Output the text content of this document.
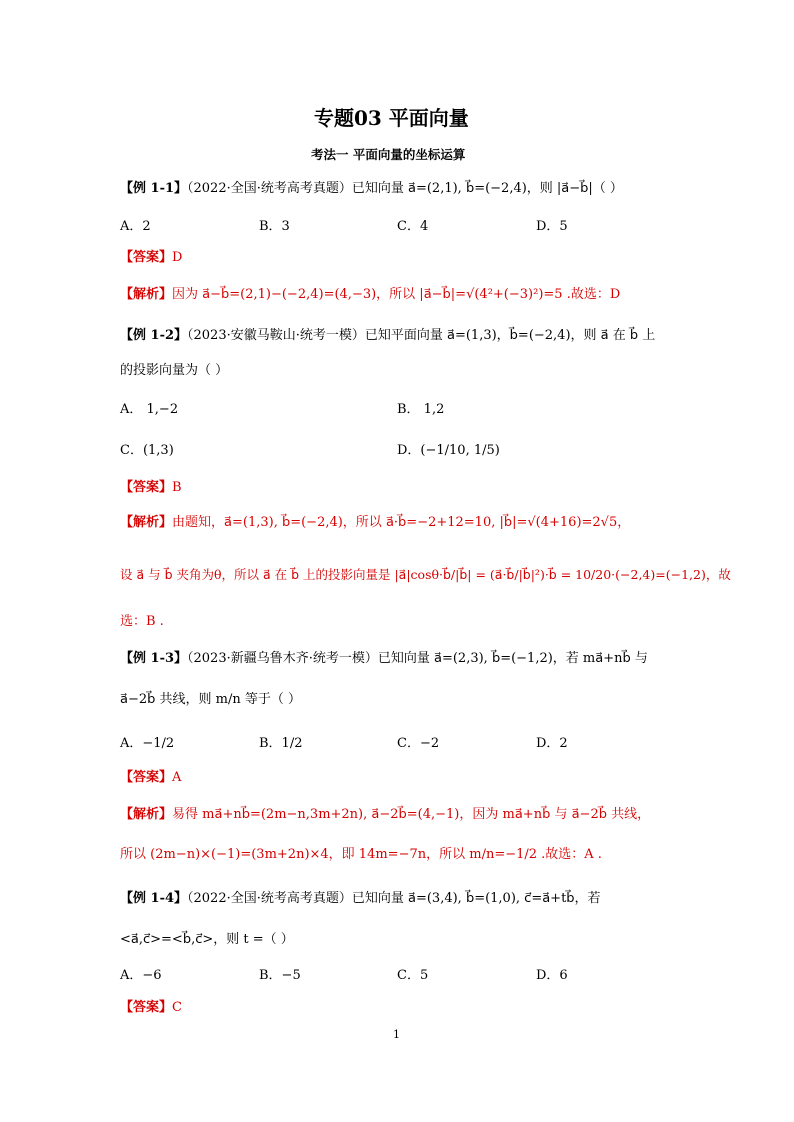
专题03 平面向量
考法一 平面向量的坐标运算
【例 1-1】（2022·全国·统考高考真题）已知向量 a⃗=(2,1), b⃗=(−2,4)，则 |a⃗−b⃗|（ ）
A．2	B．3	C．4	D．5
【答案】D
【解析】因为 a⃗−b⃗=(2,1)−(−2,4)=(4,−3)，所以 |a⃗−b⃗|=√(4²+(−3)²)=5 .故选：D
【例 1-2】（2023·安徽马鞍山·统考一模）已知平面向量 a⃗=(1,3)，b⃗=(−2,4)，则 a⃗ 在 b⃗ 上
的投影向量为（ ）
A． 1,−2	B． 1,2
C．(1,3)	D．(−1/10, 1/5)
【答案】B
【解析】由题知，a⃗=(1,3), b⃗=(−2,4)，所以 a⃗·b⃗=−2+12=10, |b⃗|=√(4+16)=2√5，
设 a⃗ 与 b⃗ 夹角为θ，所以 a⃗ 在 b⃗ 上的投影向量是 |a⃗|cosθ·b⃗/|b⃗| = (a⃗·b⃗/|b⃗|²)·b⃗ = 10/20·(−2,4)=(−1,2)，故
选：B .
【例 1-3】（2023·新疆乌鲁木齐·统考一模）已知向量 a⃗=(2,3), b⃗=(−1,2)，若 ma⃗+nb⃗ 与
a⃗−2b⃗ 共线，则 m/n 等于（ ）
A．−1/2	B．1/2	C．−2	D．2
【答案】A
【解析】易得 ma⃗+nb⃗=(2m−n,3m+2n), a⃗−2b⃗=(4,−1)，因为 ma⃗+nb⃗ 与 a⃗−2b⃗ 共线，
所以 (2m−n)×(−1)=(3m+2n)×4，即 14m=−7n，所以 m/n=−1/2 .故选：A .
【例 1-4】（2022·全国·统考高考真题）已知向量 a⃗=(3,4), b⃗=(1,0), c⃗=a⃗+tb⃗，若
<a⃗,c⃗>=<b⃗,c⃗>，则 t =（ ）
A．−6	B．−5	C．5	D．6
【答案】C
1
